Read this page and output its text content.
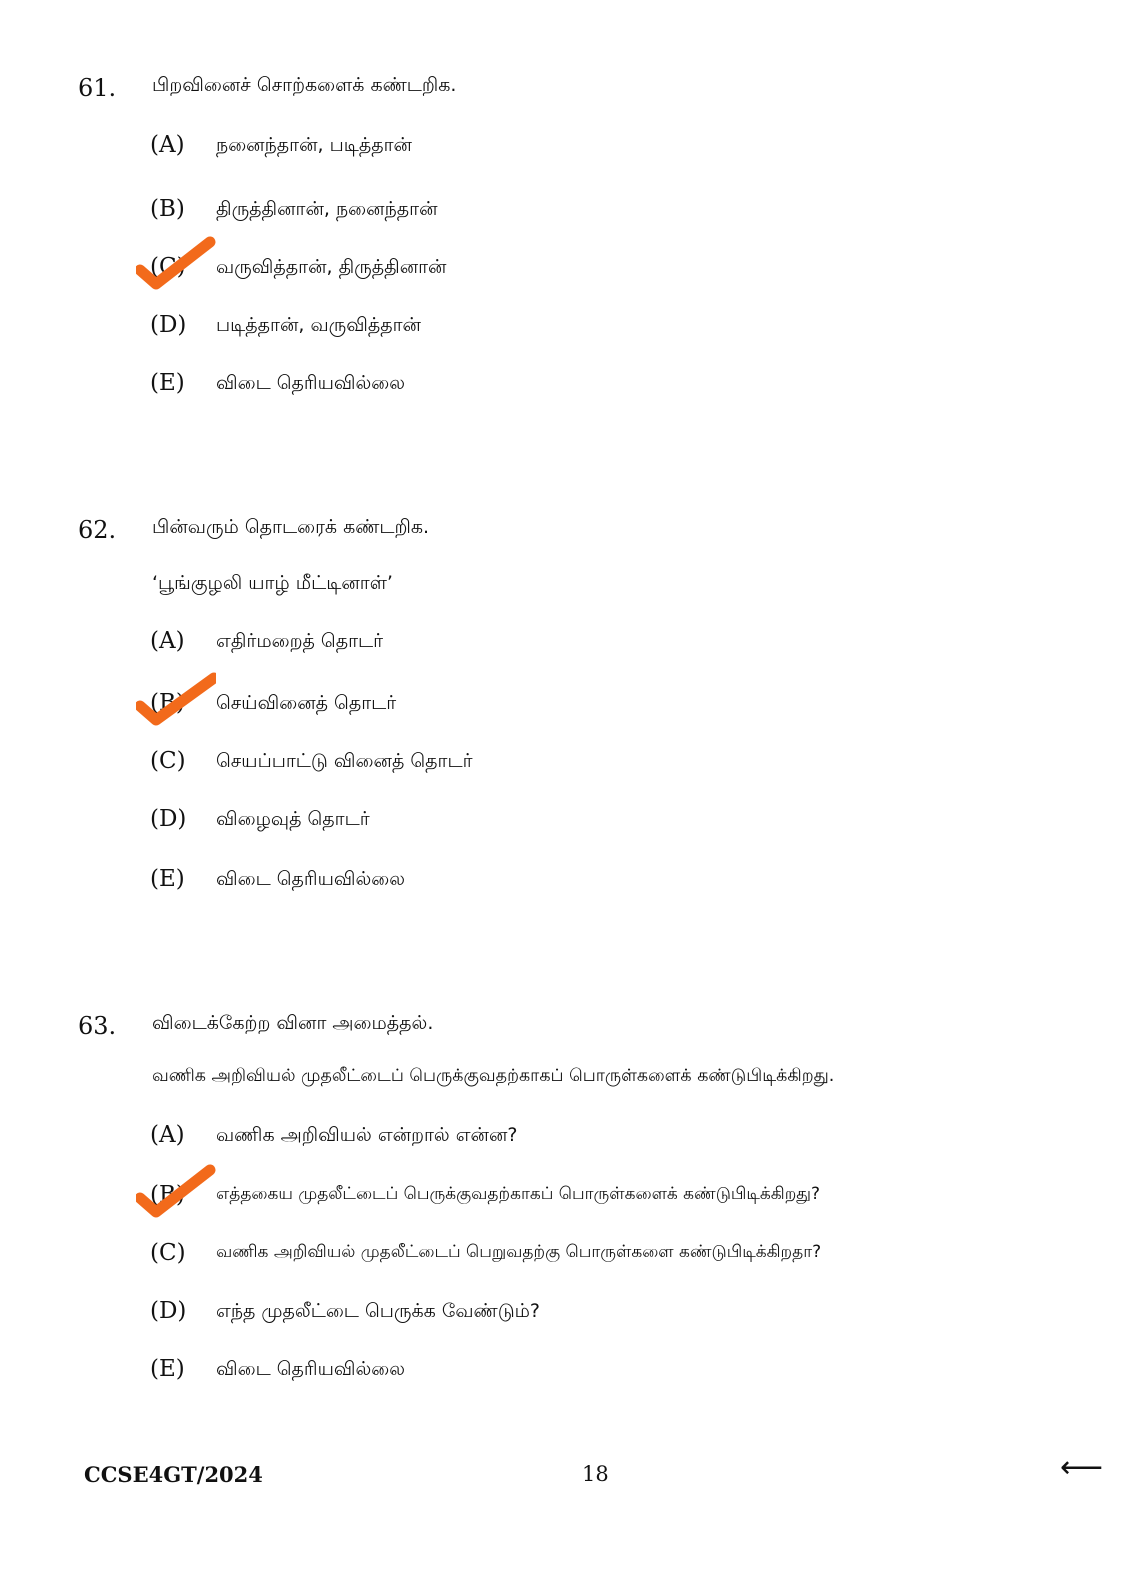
61. பிறவினைச் சொற்களைக் கண்டறிக.
(A) நனைந்தான், படித்தான்
(B) திருத்தினான், நனைந்தான்
(C) வருவித்தான், திருத்தினான்
(D) படித்தான், வருவித்தான்
(E) விடை தெரியவில்லை
62. பின்வரும் தொடரைக் கண்டறிக.
‘பூங்குழலி யாழ் மீட்டினாள்’
(A) எதிர்மறைத் தொடர்
(B) செய்வினைத் தொடர்
(C) செயப்பாட்டு வினைத் தொடர்
(D) விழைவுத் தொடர்
(E) விடை தெரியவில்லை
63. விடைக்கேற்ற வினா அமைத்தல்.
வணிக அறிவியல் முதலீட்டைப் பெருக்குவதற்காகப் பொருள்களைக் கண்டுபிடிக்கிறது.
(A) வணிக அறிவியல் என்றால் என்ன?
(B) எத்தகைய முதலீட்டைப் பெருக்குவதற்காகப் பொருள்களைக் கண்டுபிடிக்கிறது?
(C) வணிக அறிவியல் முதலீட்டைப் பெறுவதற்கு பொருள்களை கண்டுபிடிக்கிறதா?
(D) எந்த முதலீட்டை பெருக்க வேண்டும்?
(E) விடை தெரியவில்லை
CCSE4GT/2024	18	⟵
